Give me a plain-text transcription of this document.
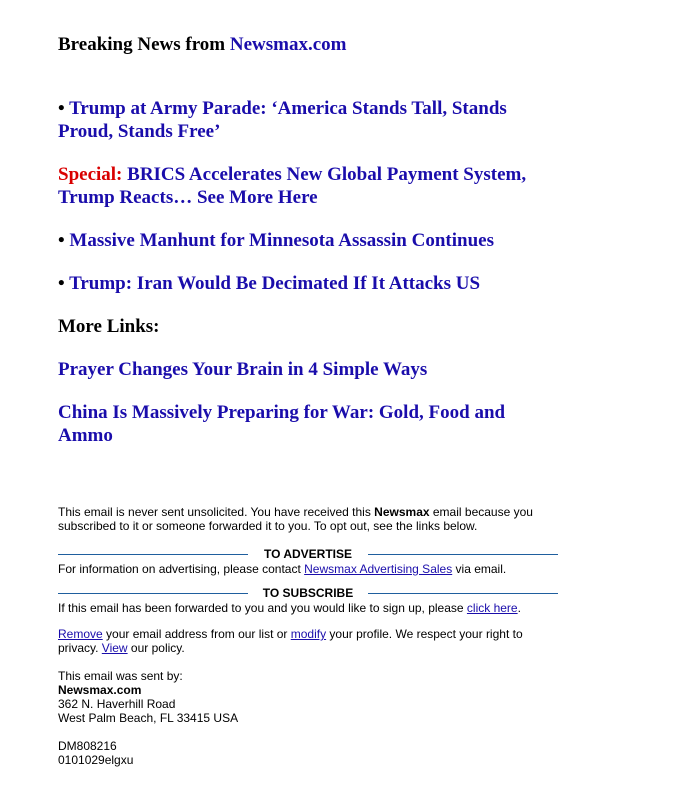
Breaking News from Newsmax.com
• Trump at Army Parade: ‘America Stands Tall, Stands Proud, Stands Free’
Special: BRICS Accelerates New Global Payment System, Trump Reacts… See More Here
• Massive Manhunt for Minnesota Assassin Continues
• Trump: Iran Would Be Decimated If It Attacks US
More Links:
Prayer Changes Your Brain in 4 Simple Ways
China Is Massively Preparing for War: Gold, Food and Ammo
This email is never sent unsolicited. You have received this Newsmax email because you subscribed to it or someone forwarded it to you. To opt out, see the links below.
TO ADVERTISE
For information on advertising, please contact Newsmax Advertising Sales via email.
TO SUBSCRIBE
If this email has been forwarded to you and you would like to sign up, please click here.
Remove your email address from our list or modify your profile. We respect your right to privacy. View our policy.
This email was sent by:
Newsmax.com
362 N. Haverhill Road
West Palm Beach, FL 33415 USA
DM808216
0101029elgxu
